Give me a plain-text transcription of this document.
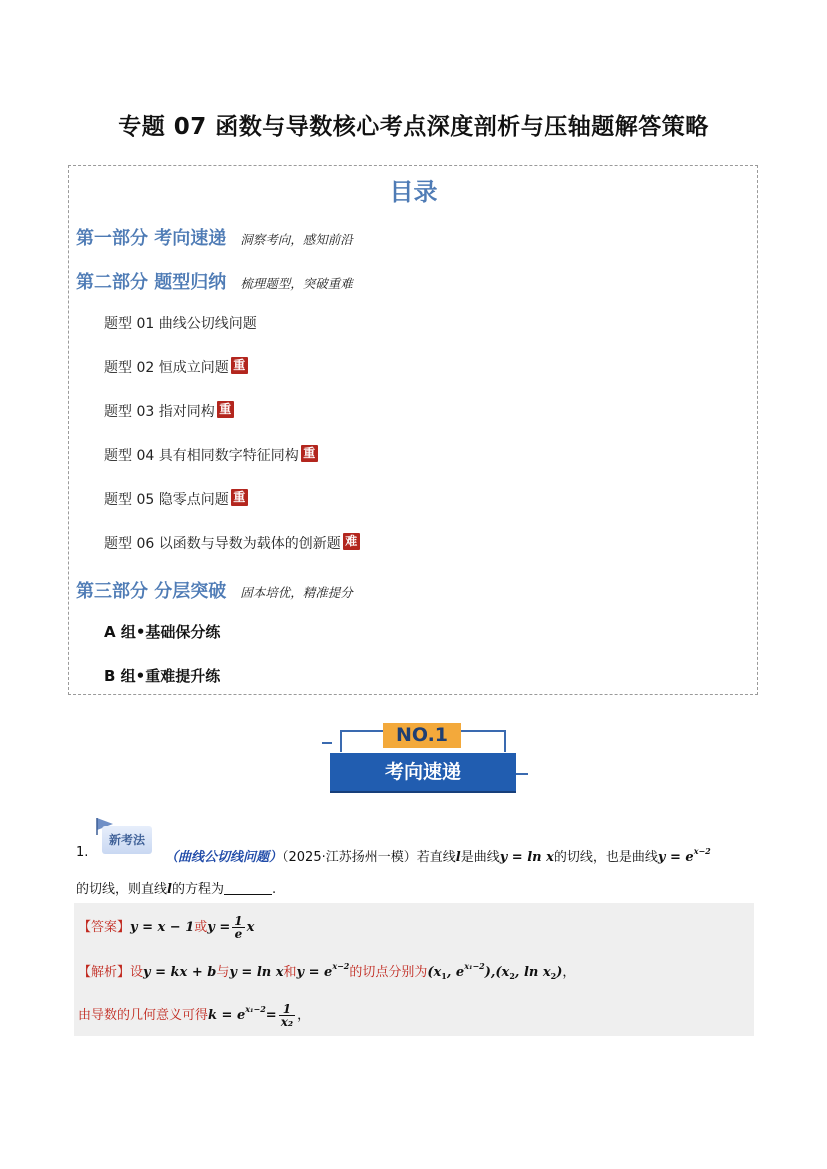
专题 07 函数与导数核心考点深度剖析与压轴题解答策略
目录
第一部分 考向速递 洞察考向，感知前沿
第二部分 题型归纳 梳理题型，突破重难
题型 01 曲线公切线问题
题型 02 恒成立问题 重
题型 03 指对同构 重
题型 04 具有相同数字特征同构 重
题型 05 隐零点问题 重
题型 06 以函数与导数为载体的创新题 难
第三部分 分层突破 固本培优，精准提分
A 组•基础保分练
B 组•重难提升练
NO.1
考向速递
1.
新考法
（曲线公切线问题）（2025·江苏扬州一模）若直线l是曲线y = ln x的切线，也是曲线$y = e^{x-2}$
的切线，则直线l的方程为	.
【答案】y = x − 1或$y = \frac{1}{e}$ x
【解析】设y = kx + b与y = ln x和$y = e^{x-2}$的切点分别为($x_1$, $e^{x_1-2}),(x_2$, $\ln x_2$)，
由导数的几何意义可得$k = e^{x_1-2}= \frac{1}{\text{x₂}}$ ，
